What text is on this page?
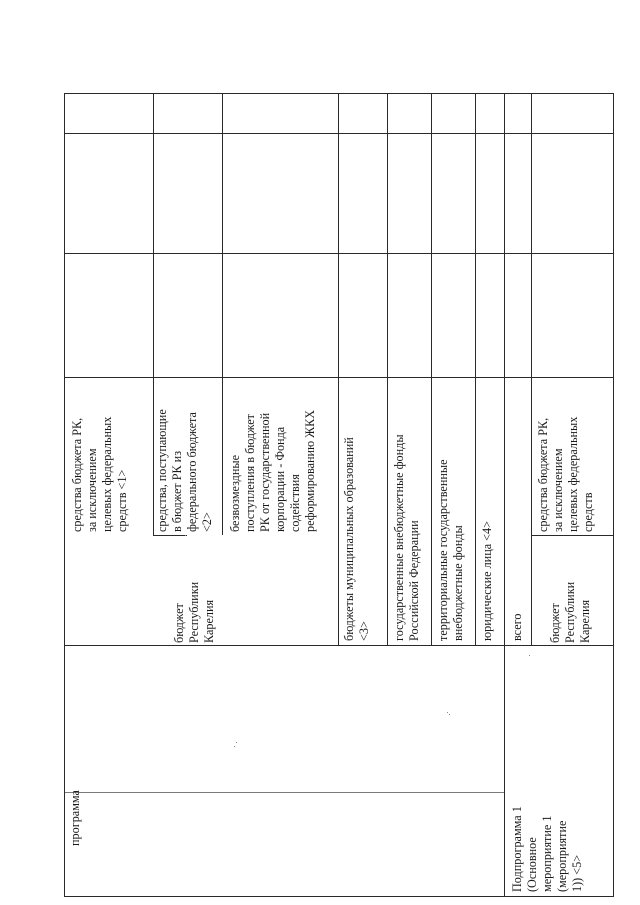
программа
бюджет
Республики
Карелия
средства бюджета РК,
за исключением
целевых федеральных
средств <1>
средства, поступающие
в бюджет РК из
федерального бюджета
<2> безвозмездные
поступления в бюджет
РК от государственной
корпорации - Фонда
содействия
реформированию ЖКХ
бюджеты муниципальных образований
<3> государственные внебюджетные фонды
Российской Федерации
территориальные государственные
внебюджетные фонды юридические лица <4>
Подпрограмма 1
(Основное
мероприятие 1
(мероприятие
1)) <5>
всего бюджет
Республики
Карелия
средства бюджета РК,
за исключением
целевых федеральных
средств
